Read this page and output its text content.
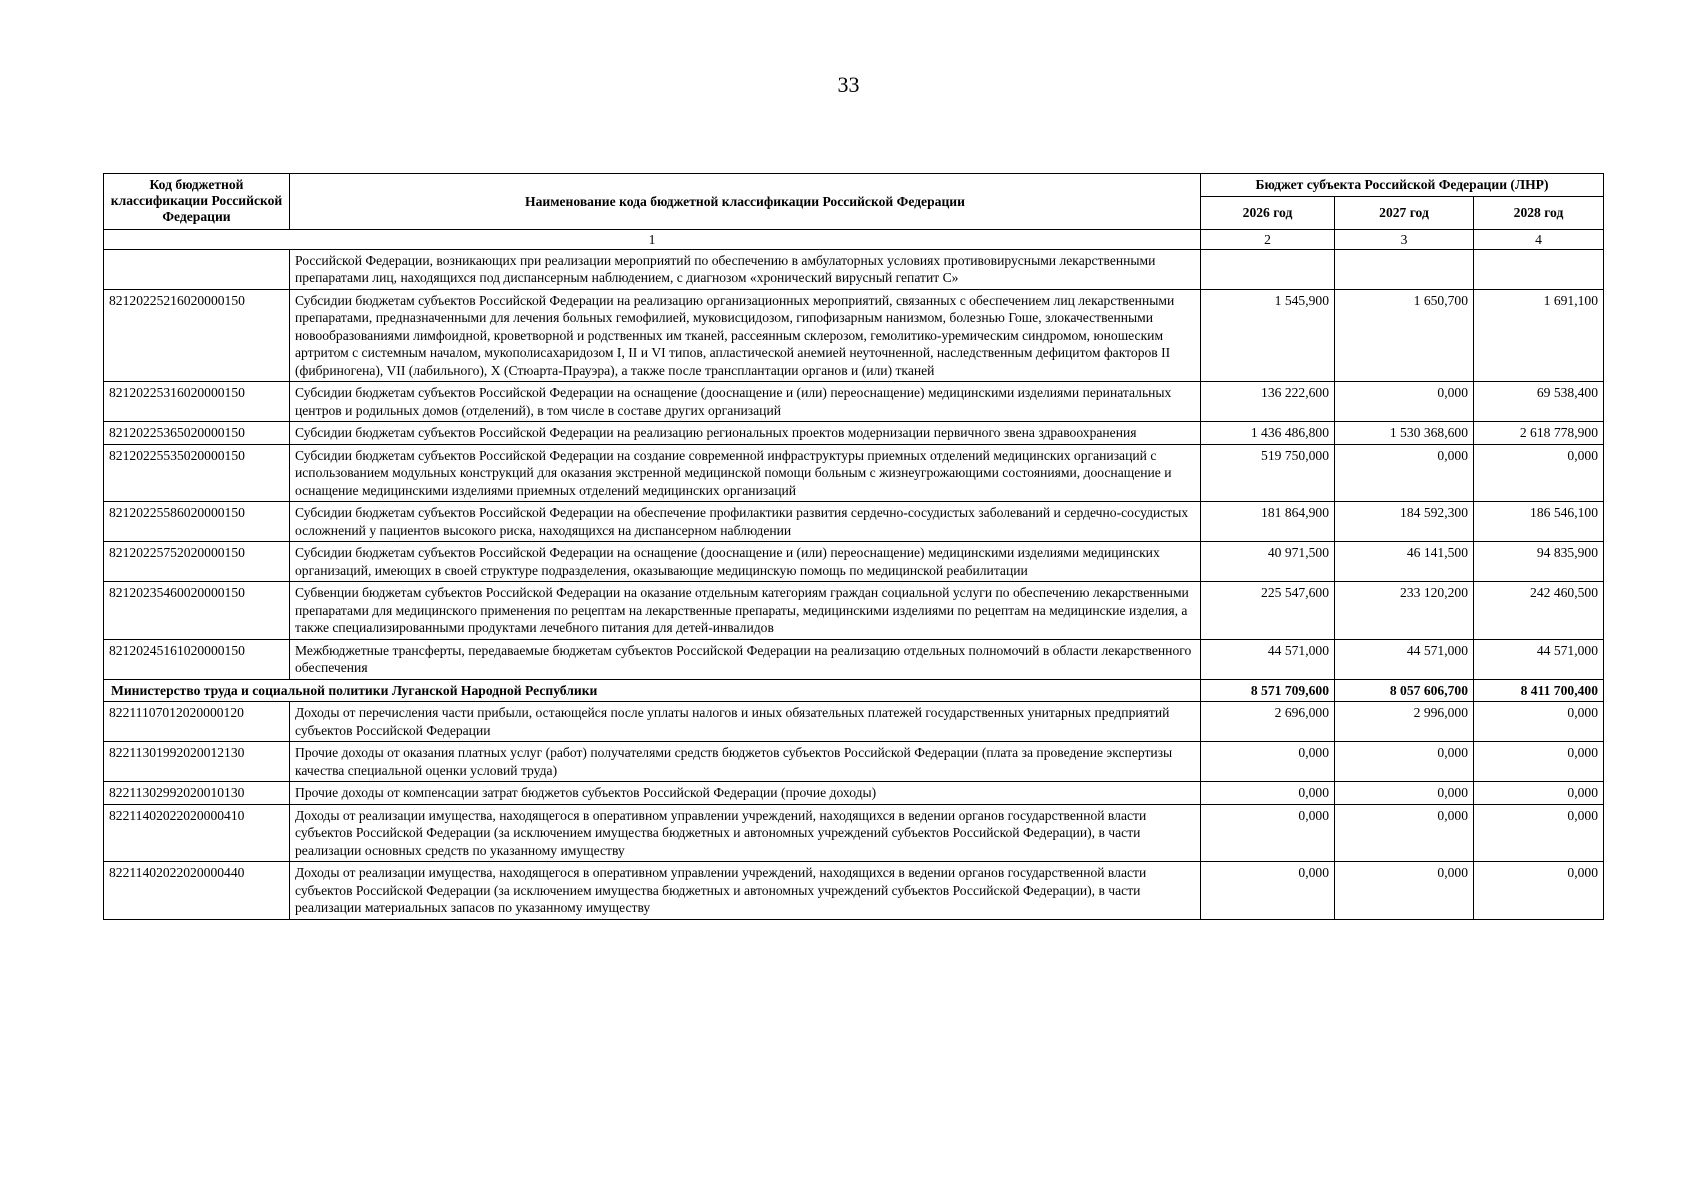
33
Код бюджетной классификации Российской Федерации	Наименование кода бюджетной классификации Российской Федерации	Бюджет субъекта Российской Федерации (ЛНР)		
		2026 год	2027 год	2028 год
1		2	3	4
	Российской Федерации, возникающих при реализации мероприятий по обеспечению в амбулаторных условиях противовирусными лекарственными препаратами лиц, находящихся под диспансерным наблюдением, с диагнозом «хронический вирусный гепатит C»			
82120225216020000150	Субсидии бюджетам субъектов Российской Федерации на реализацию организационных мероприятий, связанных с обеспечением лиц лекарственными препаратами, предназначенными для лечения больных гемофилией, муковисцидозом, гипофизарным нанизмом, болезнью Гоше, злокачественными новообразованиями лимфоидной, кроветворной и родственных им тканей, рассеянным склерозом, гемолитико-уремическим синдромом, юношеским артритом с системным началом, мукополисахаридозом I, II и VI типов, апластической анемией неуточненной, наследственным дефицитом факторов II (фибриногена), VII (лабильного), X (Стюарта-Прауэра), а также после трансплантации органов и (или) тканей	1 545,900	1 650,700	1 691,100
82120225316020000150	Субсидии бюджетам субъектов Российской Федерации на оснащение (дооснащение и (или) переоснащение) медицинскими изделиями перинатальных центров и родильных домов (отделений), в том числе в составе других организаций	136 222,600	0,000	69 538,400
82120225365020000150	Субсидии бюджетам субъектов Российской Федерации на реализацию региональных проектов модернизации первичного звена здравоохранения	1 436 486,800	1 530 368,600	2 618 778,900
82120225535020000150	Субсидии бюджетам субъектов Российской Федерации на создание современной инфраструктуры приемных отделений медицинских организаций с использованием модульных конструкций для оказания экстренной медицинской помощи больным с жизнеугрожающими состояниями, дооснащение и оснащение медицинскими изделиями приемных отделений медицинских организаций	519 750,000	0,000	0,000
82120225586020000150	Субсидии бюджетам субъектов Российской Федерации на обеспечение профилактики развития сердечно-сосудистых заболеваний и сердечно-сосудистых осложнений у пациентов высокого риска, находящихся на диспансерном наблюдении	181 864,900	184 592,300	186 546,100
82120225752020000150	Субсидии бюджетам субъектов Российской Федерации на оснащение (дооснащение и (или) переоснащение) медицинскими изделиями медицинских организаций, имеющих в своей структуре подразделения, оказывающие медицинскую помощь по медицинской реабилитации	40 971,500	46 141,500	94 835,900
82120235460020000150	Субвенции бюджетам субъектов Российской Федерации на оказание отдельным категориям граждан социальной услуги по обеспечению лекарственными препаратами для медицинского применения по рецептам на лекарственные препараты, медицинскими изделиями по рецептам на медицинские изделия, а также специализированными продуктами лечебного питания для детей-инвалидов	225 547,600	233 120,200	242 460,500
82120245161020000150	Межбюджетные трансферты, передаваемые бюджетам субъектов Российской Федерации на реализацию отдельных полномочий в области лекарственного обеспечения	44 571,000	44 571,000	44 571,000
Министерство труда и социальной политики Луганской Народной Республики		8 571 709,600	8 057 606,700	8 411 700,400
82211107012020000120	Доходы от перечисления части прибыли, остающейся после уплаты налогов и иных обязательных платежей государственных унитарных предприятий субъектов Российской Федерации	2 696,000	2 996,000	0,000
82211301992020012130	Прочие доходы от оказания платных услуг (работ) получателями средств бюджетов субъектов Российской Федерации (плата за проведение экспертизы качества специальной оценки условий труда)	0,000	0,000	0,000
82211302992020010130	Прочие доходы от компенсации затрат бюджетов субъектов Российской Федерации (прочие доходы)	0,000	0,000	0,000
82211402022020000410	Доходы от реализации имущества, находящегося в оперативном управлении учреждений, находящихся в ведении органов государственной власти субъектов Российской Федерации (за исключением имущества бюджетных и автономных учреждений субъектов Российской Федерации), в части реализации основных средств по указанному имуществу	0,000	0,000	0,000
82211402022020000440	Доходы от реализации имущества, находящегося в оперативном управлении учреждений, находящихся в ведении органов государственной власти субъектов Российской Федерации (за исключением имущества бюджетных и автономных учреждений субъектов Российской Федерации), в части реализации материальных запасов по указанному имуществу	0,000	0,000	0,000
